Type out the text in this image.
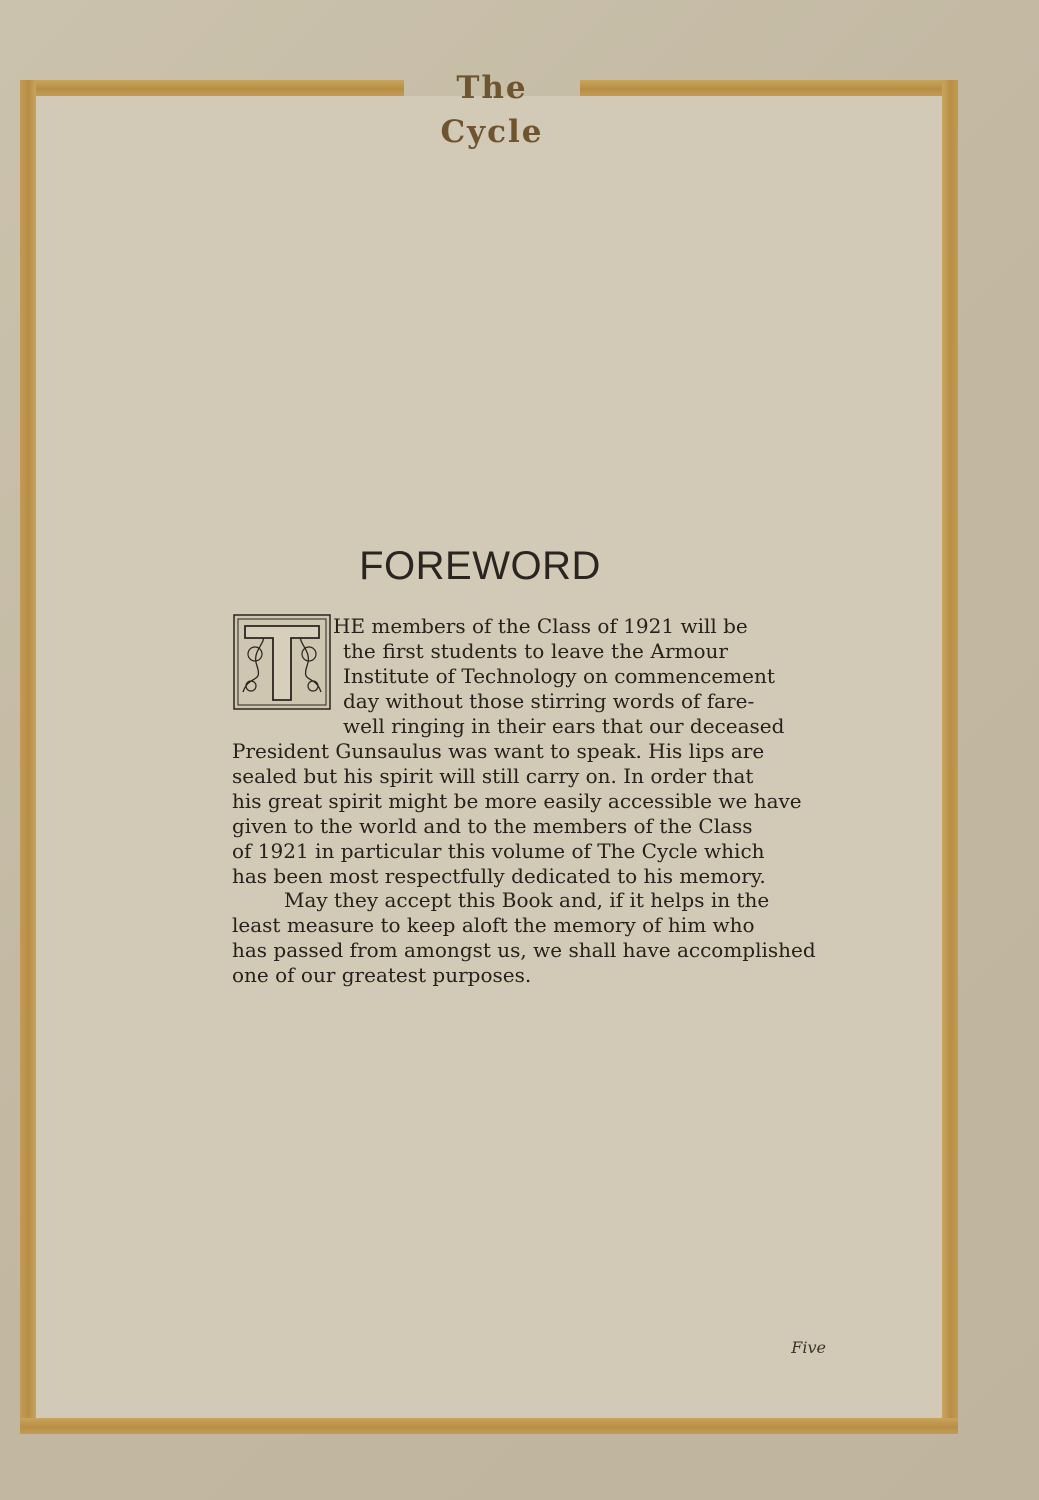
The Cycle
FOREWORD
HE members of the Class of 1921 will be
the first students to leave the Armour
Institute of Technology on commencement
day without those stirring words of fare-
well ringing in their ears that our deceased
President Gunsaulus was want to speak. His lips are
sealed but his spirit will still carry on. In order that
his great spirit might be more easily accessible we have
given to the world and to the members of the Class
of 1921 in particular this volume of The Cycle which
has been most respectfully dedicated to his memory.
May they accept this Book and, if it helps in the
least measure to keep aloft the memory of him who
has passed from amongst us, we shall have accomplished
one of our greatest purposes.
Five
